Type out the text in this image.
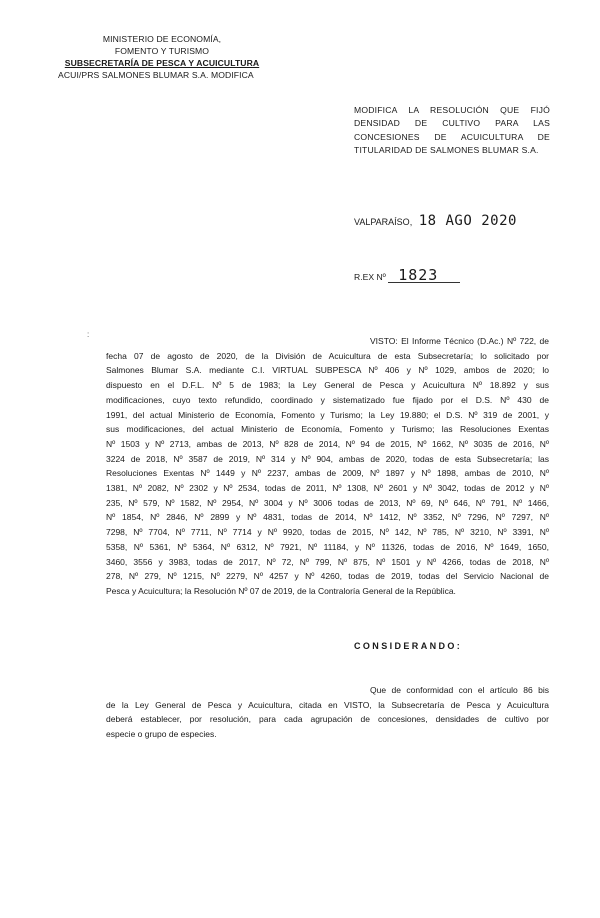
MINISTERIO DE ECONOMÍA,
FOMENTO Y TURISMO
SUBSECRETARÍA DE PESCA Y ACUICULTURA
ACUI/PRS SALMONES BLUMAR S.A. MODIFICA
MODIFICA LA RESOLUCIÓN QUE FIJÓ
DENSIDAD DE CULTIVO PARA LAS
CONCESIONES DE ACUICULTURA DE
TITULARIDAD DE SALMONES BLUMAR S.A.
VALPARAÍSO, 18 AGO 2020
R.EX Nº 1823
:
VISTO: El Informe Técnico (D.Ac.) Nº 722, de
fecha 07 de agosto de 2020, de la División de Acuicultura de esta Subsecretaría; lo solicitado por
Salmones Blumar S.A. mediante C.I. VIRTUAL SUBPESCA Nº 406 y Nº 1029, ambos de 2020; lo
dispuesto en el D.F.L. Nº 5 de 1983; la Ley General de Pesca y Acuicultura Nº 18.892 y sus
modificaciones, cuyo texto refundido, coordinado y sistematizado fue fijado por el D.S. Nº 430 de
1991, del actual Ministerio de Economía, Fomento y Turismo; la Ley 19.880; el D.S. Nº 319 de 2001, y
sus modificaciones, del actual Ministerio de Economía, Fomento y Turismo; las Resoluciones Exentas
Nº 1503 y Nº 2713, ambas de 2013, Nº 828 de 2014, Nº 94 de 2015, Nº 1662, Nº 3035 de 2016, Nº
3224 de 2018, Nº 3587 de 2019, Nº 314 y Nº 904, ambas de 2020, todas de esta Subsecretaría; las
Resoluciones Exentas Nº 1449 y Nº 2237, ambas de 2009, Nº 1897 y Nº 1898, ambas de 2010, Nº
1381, Nº 2082, Nº 2302 y Nº 2534, todas de 2011, Nº 1308, Nº 2601 y Nº 3042, todas de 2012 y Nº
235, Nº 579, Nº 1582, Nº 2954, Nº 3004 y Nº 3006 todas de 2013, Nº 69, Nº 646, Nº 791, Nº 1466,
Nº 1854, Nº 2846, Nº 2899 y Nº 4831, todas de 2014, Nº 1412, Nº 3352, Nº 7296, Nº 7297, Nº
7298, Nº 7704, Nº 7711, Nº 7714 y Nº 9920, todas de 2015, Nº 142, Nº 785, Nº 3210, Nº 3391, Nº
5358, Nº 5361, Nº 5364, Nº 6312, Nº 7921, Nº 11184, y Nº 11326, todas de 2016, Nº 1649, 1650,
3460, 3556 y 3983, todas de 2017, Nº 72, Nº 799, Nº 875, Nº 1501 y Nº 4266, todas de 2018, Nº
278, Nº 279, Nº 1215, Nº 2279, Nº 4257 y Nº 4260, todas de 2019, todas del Servicio Nacional de
Pesca y Acuicultura; la Resolución Nº 07 de 2019, de la Contraloría General de la República.
CONSIDERANDO:
Que de conformidad con el artículo 86 bis
de la Ley General de Pesca y Acuicultura, citada en VISTO, la Subsecretaría de Pesca y Acuicultura
deberá establecer, por resolución, para cada agrupación de concesiones, densidades de cultivo por
especie o grupo de especies.
